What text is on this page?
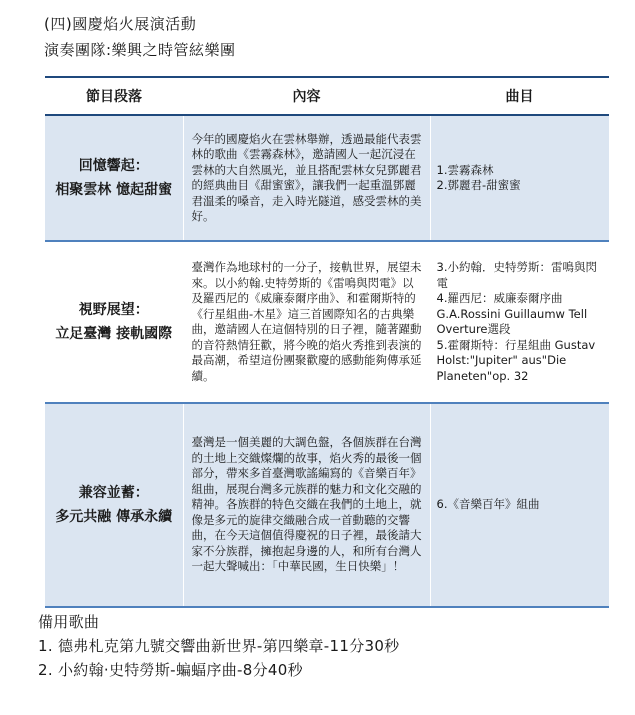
(四)國慶焰火展演活動
演奏團隊:樂興之時管絃樂團
節目段落	內容	曲目

回憶響起：
相聚雲林 憶起甜蜜	今年的國慶焰火在雲林舉辦，透過最能代表雲林的歌曲《雲霧森林》，邀請國人一起沉浸在雲林的大自然風光，並且搭配雲林女兒鄧麗君的經典曲目《甜蜜蜜》，讓我們一起重溫鄧麗君溫柔的嗓音，走入時光隧道，感受雲林的美好。	1.雲霧森林
2.鄧麗君-甜蜜蜜

視野展望：
立足臺灣 接軌國際	臺灣作為地球村的一分子，接軌世界，展望未來。以小約翰.史特勞斯的《雷鳴與閃電》以及羅西尼的《威廉泰爾序曲》、和霍爾斯特的《行星組曲-木星》這三首國際知名的古典樂曲，邀請國人在這個特別的日子裡，隨著躍動的音符熱情狂歡，將今晚的焰火秀推到表演的最高潮，希望這份團聚歡慶的感動能夠傳承延續。	3.小約翰．史特勞斯：雷鳴與閃電
4.羅西尼：威廉泰爾序曲 G.A.Rossini Guillaumw Tell Overture選段
5.霍爾斯特：行星組曲 Gustav Holst:"Jupiter" aus"Die Planeten"op. 32

兼容並蓄：
多元共融 傳承永續	臺灣是一個美麗的大調色盤，各個族群在台灣的土地上交織燦爛的故事，焰火秀的最後一個部分，帶來多首臺灣歌謠編寫的《音樂百年》組曲，展現台灣多元族群的魅力和文化交融的精神。各族群的特色交織在我們的土地上，就像是多元的旋律交織融合成一首動聽的交響曲，在今天這個值得慶祝的日子裡，最後請大家不分族群，擁抱起身邊的人，和所有台灣人一起大聲喊出：「中華民國，生日快樂」！	6.《音樂百年》組曲
備用歌曲
1. 德弗札克第九號交響曲新世界-第四樂章-11分30秒
2. 小約翰·史特勞斯-蝙蝠序曲-8分40秒
